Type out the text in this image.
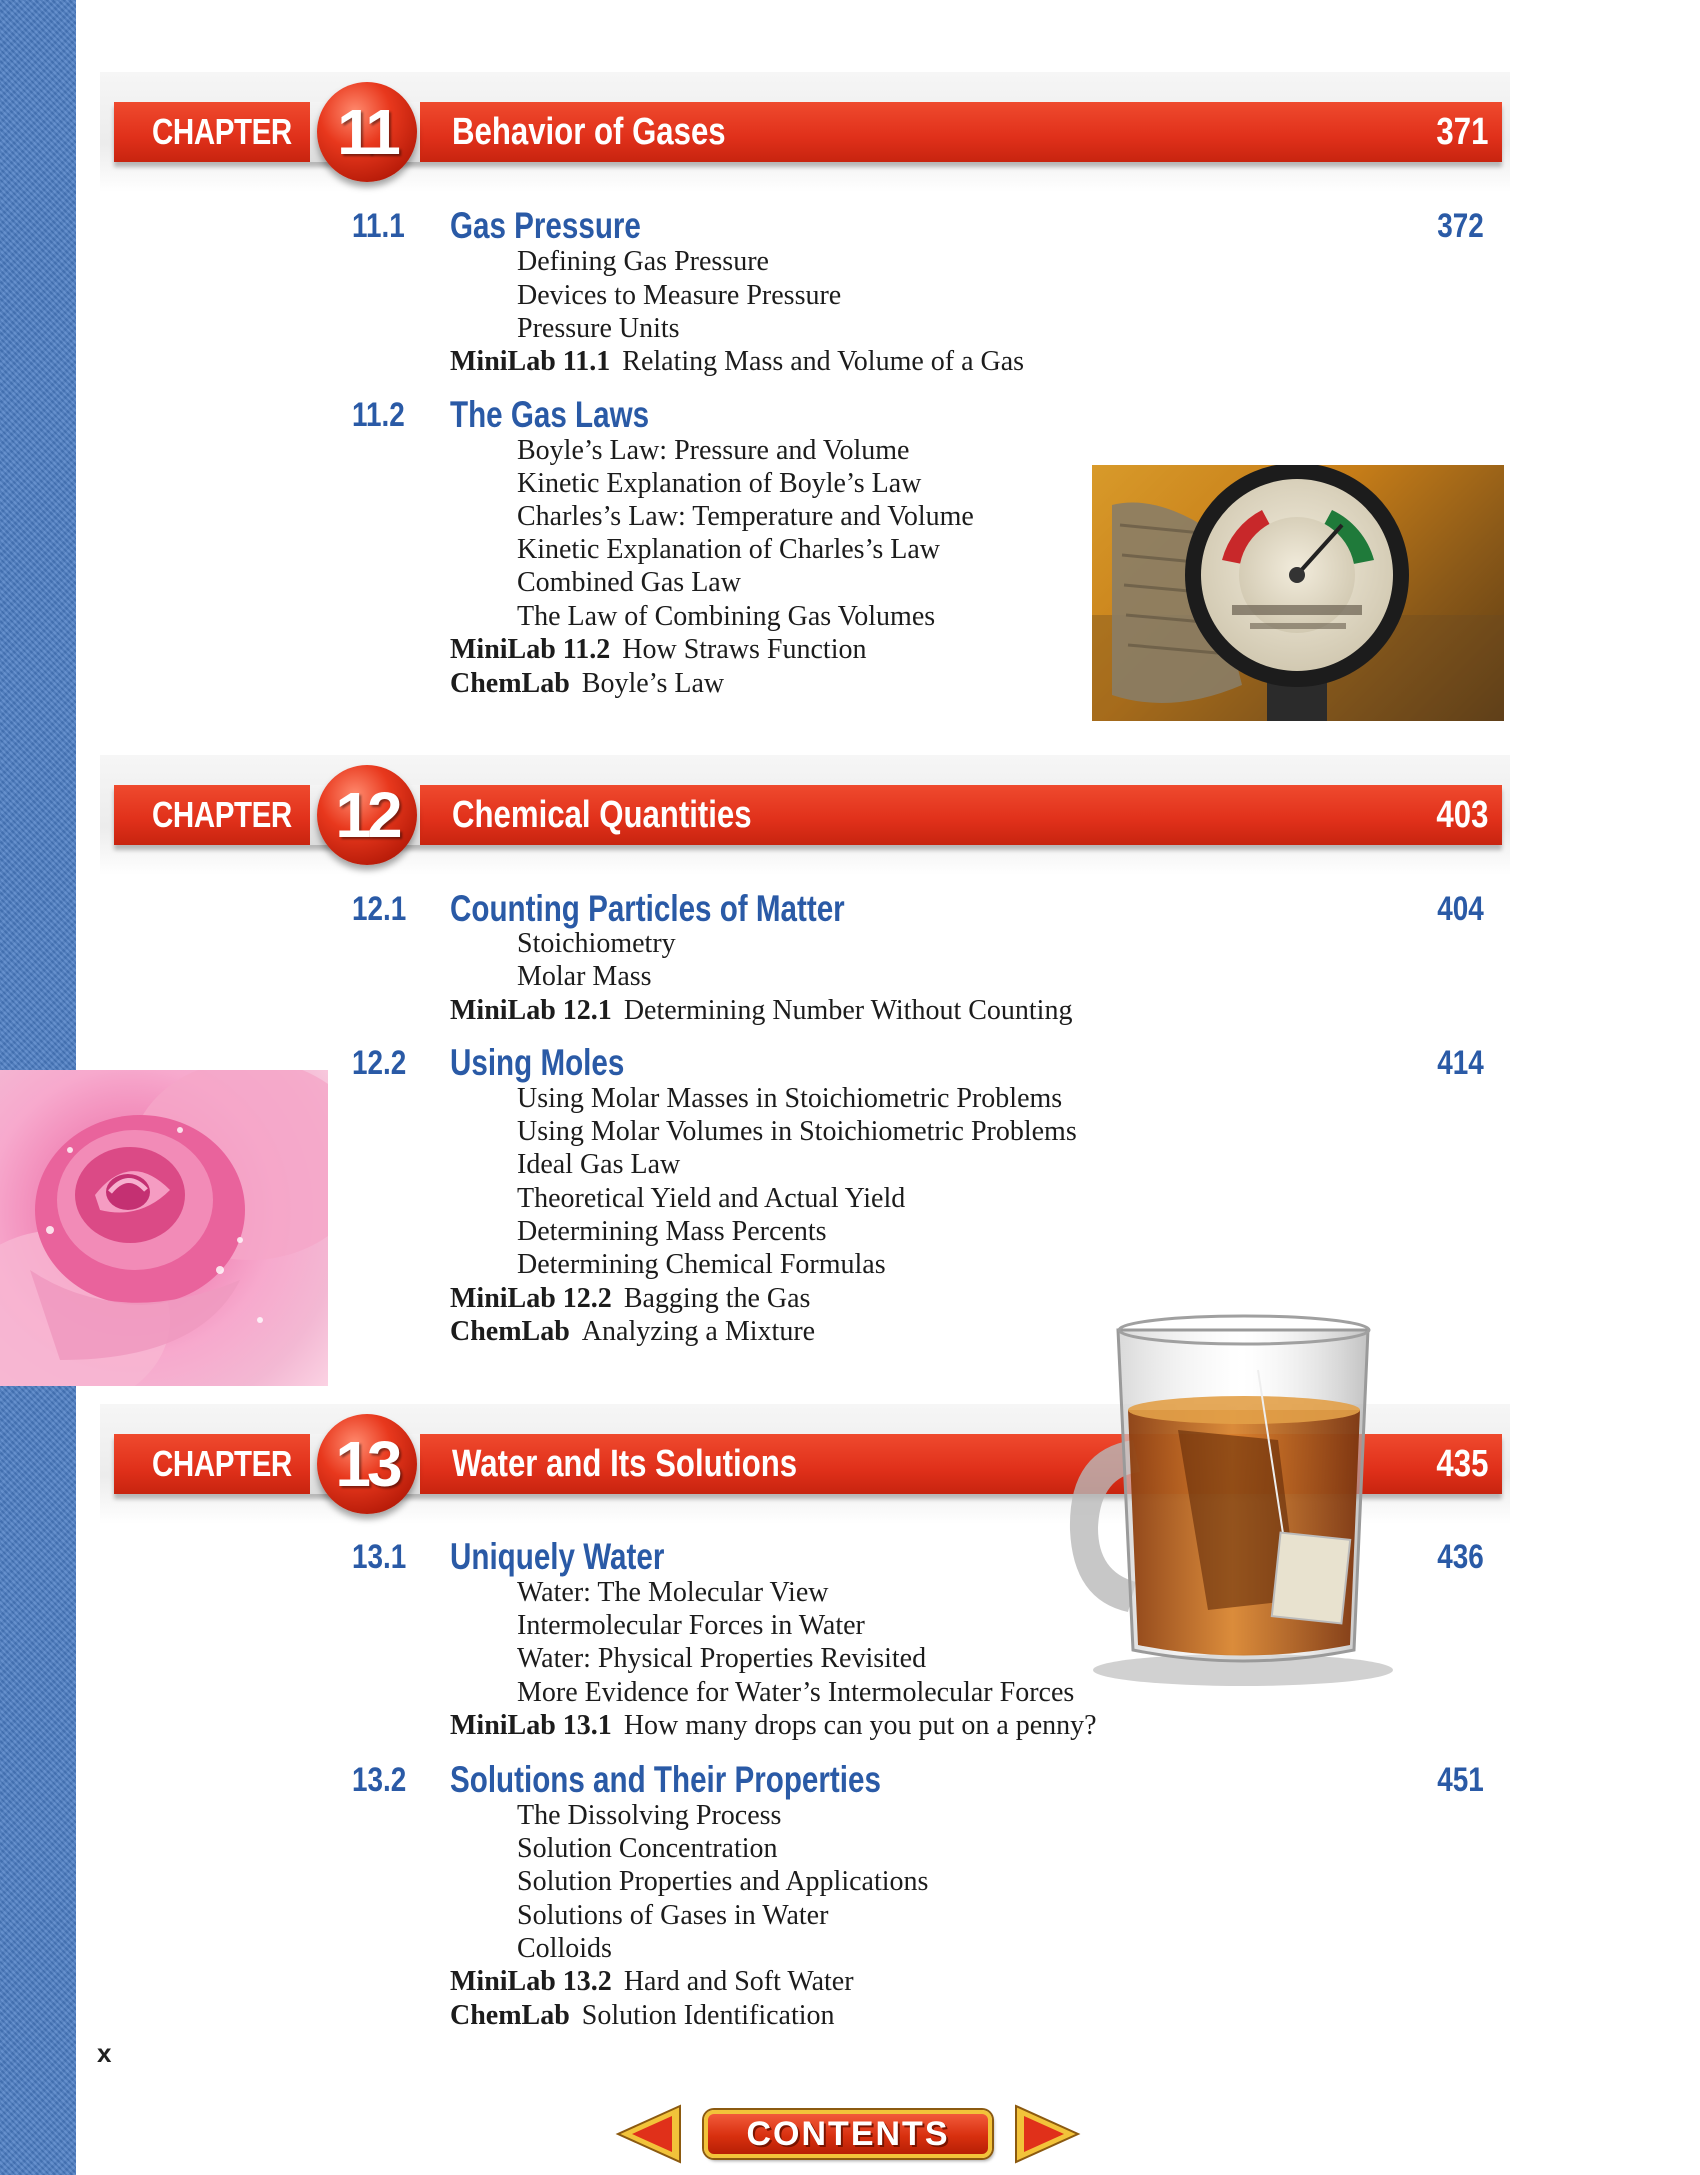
CHAPTER 11	Behavior of Gases	371
11.1 Gas Pressure	372
Defining Gas Pressure
Devices to Measure Pressure
Pressure Units
MiniLab 11.1 Relating Mass and Volume of a Gas
11.2 The Gas Laws
Boyle’s Law: Pressure and Volume
Kinetic Explanation of Boyle’s Law
Charles’s Law: Temperature and Volume
Kinetic Explanation of Charles’s Law
Combined Gas Law
The Law of Combining Gas Volumes
MiniLab 11.2 How Straws Function
ChemLab Boyle’s Law
CHAPTER 12	Chemical Quantities	403
12.1 Counting Particles of Matter	404
Stoichiometry
Molar Mass
MiniLab 12.1 Determining Number Without Counting
12.2 Using Moles	414
Using Molar Masses in Stoichiometric Problems
Using Molar Volumes in Stoichiometric Problems
Ideal Gas Law
Theoretical Yield and Actual Yield
Determining Mass Percents
Determining Chemical Formulas
MiniLab 12.2 Bagging the Gas
ChemLab Analyzing a Mixture
CHAPTER 13	Water and Its Solutions	435
13.1 Uniquely Water	436
Water: The Molecular View
Intermolecular Forces in Water
Water: Physical Properties Revisited
More Evidence for Water’s Intermolecular Forces
MiniLab 13.1 How many drops can you put on a penny?
13.2 Solutions and Their Properties	451
The Dissolving Process
Solution Concentration
Solution Properties and Applications
Solutions of Gases in Water
Colloids
MiniLab 13.2 Hard and Soft Water
ChemLab Solution Identification
x
CONTENTS
